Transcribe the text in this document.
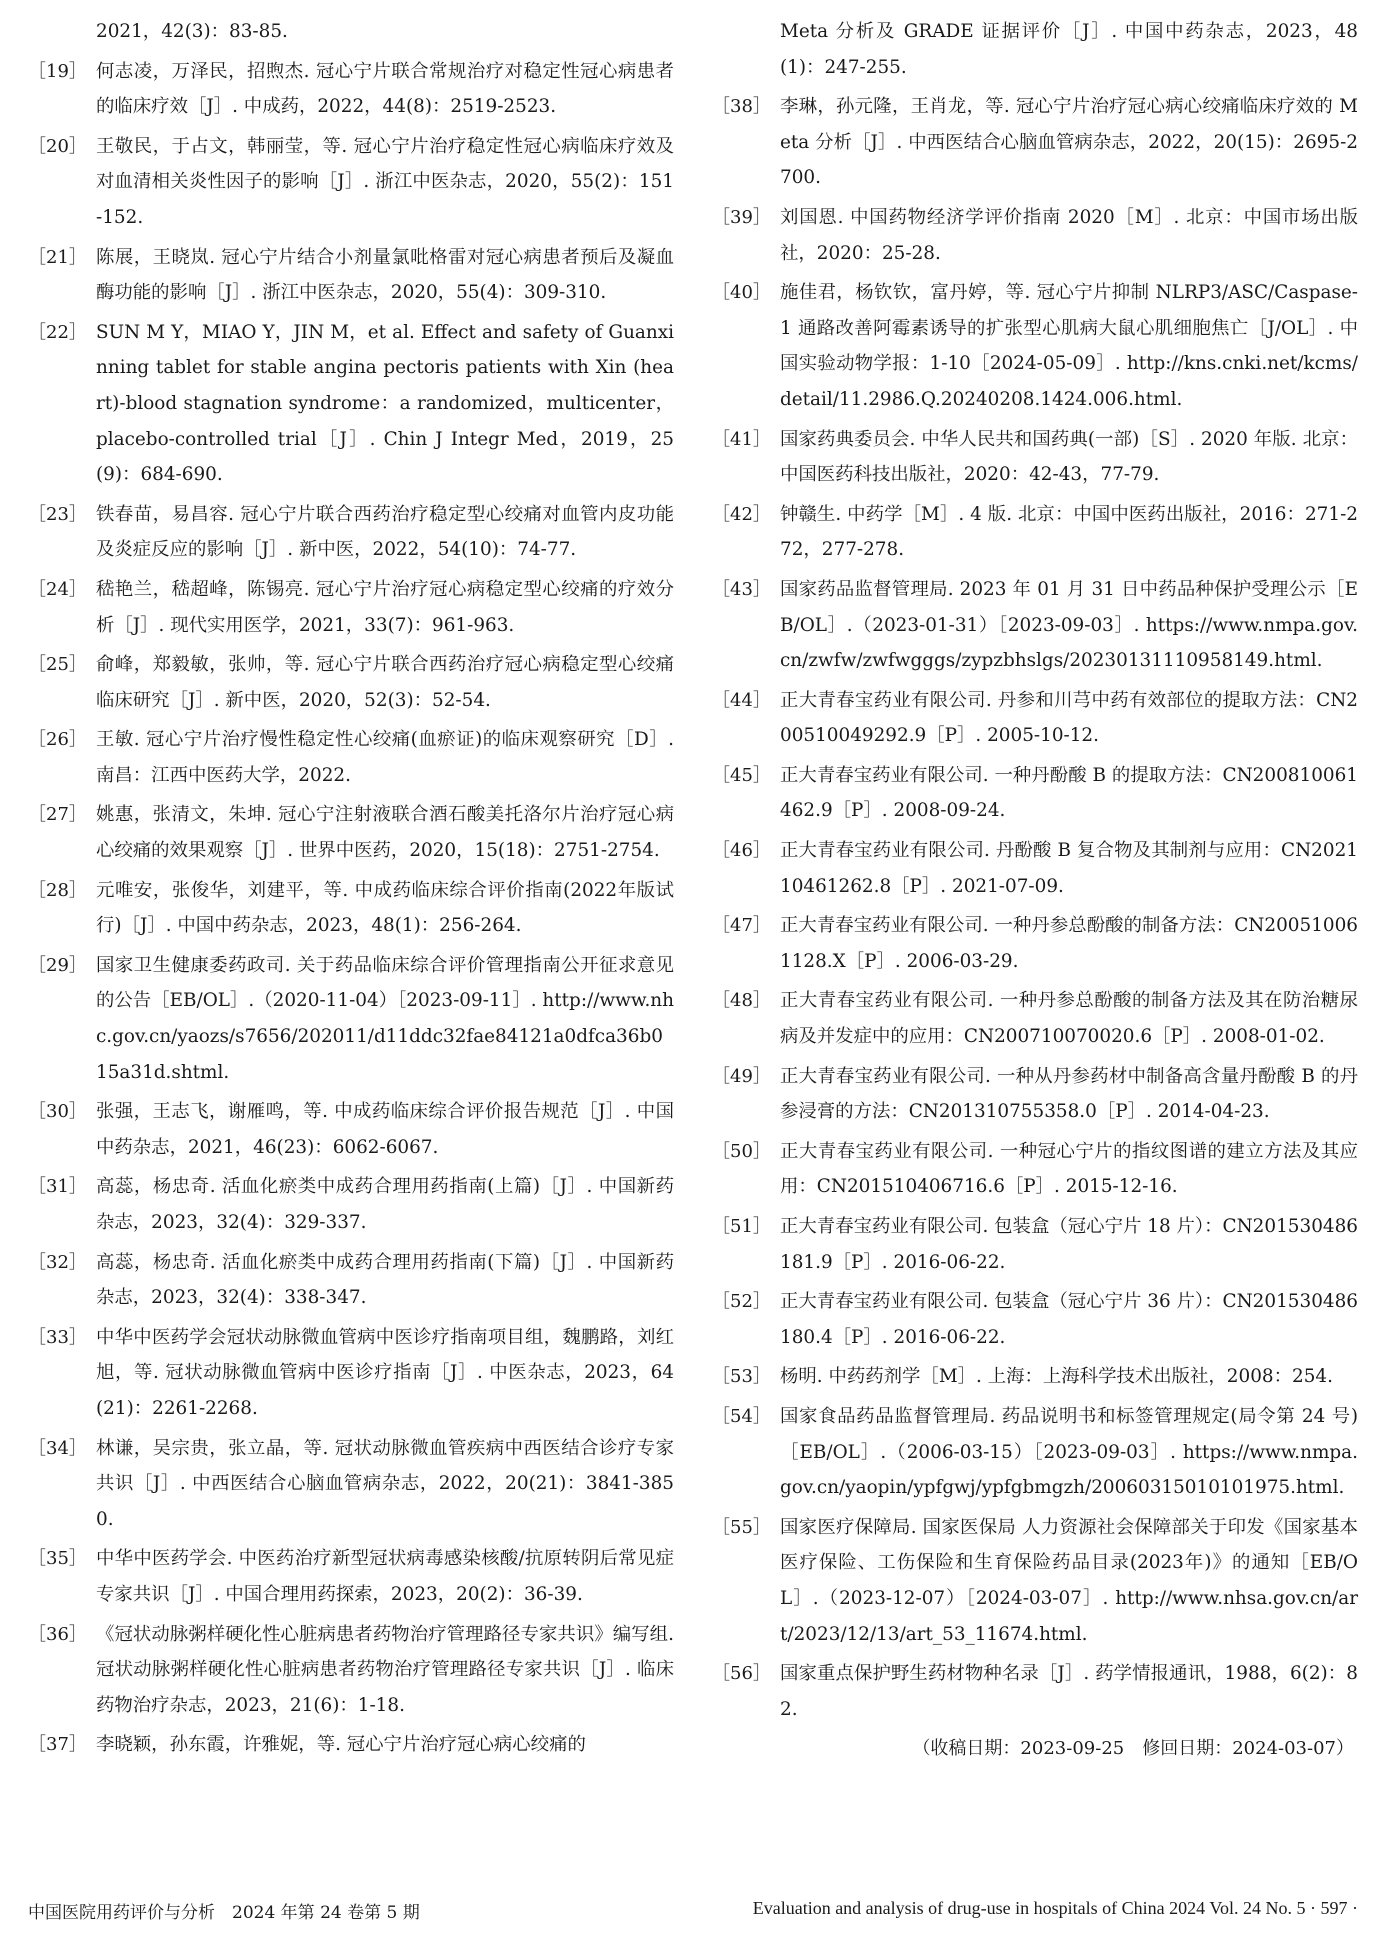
2021，42(3)：83-85.
［19］ 何志凌，万泽民，招煦杰. 冠心宁片联合常规治疗对稳定性冠心病患者的临床疗效［J］. 中成药，2022，44(8)：2519-2523.
［20］ 王敬民，于占文，韩丽莹，等. 冠心宁片治疗稳定性冠心病临床疗效及对血清相关炎性因子的影响［J］. 浙江中医杂志，2020，55(2)：151-152.
［21］ 陈展，王晓岚. 冠心宁片结合小剂量氯吡格雷对冠心病患者预后及凝血酶功能的影响［J］. 浙江中医杂志，2020，55(4)：309-310.
［22］ SUN M Y，MIAO Y，JIN M，et al. Effect and safety of Guanxinning tablet for stable angina pectoris patients with Xin (heart)-blood stagnation syndrome：a randomized，multicenter，placebo-controlled trial［J］. Chin J Integr Med，2019，25(9)：684-690.
［23］ 铁春苗，易昌容. 冠心宁片联合西药治疗稳定型心绞痛对血管内皮功能及炎症反应的影响［J］. 新中医，2022，54(10)：74-77.
［24］ 嵇艳兰，嵇超峰，陈锡亮. 冠心宁片治疗冠心病稳定型心绞痛的疗效分析［J］. 现代实用医学，2021，33(7)：961-963.
［25］ 俞峰，郑毅敏，张帅，等. 冠心宁片联合西药治疗冠心病稳定型心绞痛临床研究［J］. 新中医，2020，52(3)：52-54.
［26］ 王敏. 冠心宁片治疗慢性稳定性心绞痛(血瘀证)的临床观察研究［D］. 南昌：江西中医药大学，2022.
［27］ 姚惠，张清文，朱坤. 冠心宁注射液联合酒石酸美托洛尔片治疗冠心病心绞痛的效果观察［J］. 世界中医药，2020，15(18)：2751-2754.
［28］ 元唯安，张俊华，刘建平，等. 中成药临床综合评价指南(2022年版试行)［J］. 中国中药杂志，2023，48(1)：256-264.
［29］ 国家卫生健康委药政司. 关于药品临床综合评价管理指南公开征求意见的公告［EB/OL］.（2020-11-04）［2023-09-11］. http://www.nhc.gov.cn/yaozs/s7656/202011/d11ddc32fae84121a0dfca36b015a31d.shtml.
［30］ 张强，王志飞，谢雁鸣，等. 中成药临床综合评价报告规范［J］. 中国中药杂志，2021，46(23)：6062-6067.
［31］ 高蕊，杨忠奇. 活血化瘀类中成药合理用药指南(上篇)［J］. 中国新药杂志，2023，32(4)：329-337.
［32］ 高蕊，杨忠奇. 活血化瘀类中成药合理用药指南(下篇)［J］. 中国新药杂志，2023，32(4)：338-347.
［33］ 中华中医药学会冠状动脉微血管病中医诊疗指南项目组，魏鹏路，刘红旭，等. 冠状动脉微血管病中医诊疗指南［J］. 中医杂志，2023，64(21)：2261-2268.
［34］ 林谦，吴宗贵，张立晶，等. 冠状动脉微血管疾病中西医结合诊疗专家共识［J］. 中西医结合心脑血管病杂志，2022，20(21)：3841-3850.
［35］ 中华中医药学会. 中医药治疗新型冠状病毒感染核酸/抗原转阴后常见症专家共识［J］. 中国合理用药探索，2023，20(2)：36-39.
［36］ 《冠状动脉粥样硬化性心脏病患者药物治疗管理路径专家共识》编写组. 冠状动脉粥样硬化性心脏病患者药物治疗管理路径专家共识［J］. 临床药物治疗杂志，2023，21(6)：1-18.
［37］ 李晓颖，孙东霞，许雅妮，等. 冠心宁片治疗冠心病心绞痛的
Meta 分析及 GRADE 证据评价［J］. 中国中药杂志，2023，48(1)：247-255.
［38］ 李琳，孙元隆，王肖龙，等. 冠心宁片治疗冠心病心绞痛临床疗效的 Meta 分析［J］. 中西医结合心脑血管病杂志，2022，20(15)：2695-2700.
［39］ 刘国恩. 中国药物经济学评价指南 2020［M］. 北京：中国市场出版社，2020：25-28.
［40］ 施佳君，杨钦钦，富丹婷，等. 冠心宁片抑制 NLRP3/ASC/Caspase-1 通路改善阿霉素诱导的扩张型心肌病大鼠心肌细胞焦亡［J/OL］. 中国实验动物学报：1-10［2024-05-09］. http://kns.cnki.net/kcms/detail/11.2986.Q.20240208.1424.006.html.
［41］ 国家药典委员会. 中华人民共和国药典(一部)［S］. 2020 年版. 北京：中国医药科技出版社，2020：42-43，77-79.
［42］ 钟赣生. 中药学［M］. 4 版. 北京：中国中医药出版社，2016：271-272，277-278.
［43］ 国家药品监督管理局. 2023 年 01 月 31 日中药品种保护受理公示［EB/OL］.（2023-01-31）［2023-09-03］. https://www.nmpa.gov.cn/zwfw/zwfwgggs/zypzbhslgs/20230131110958149.html.
［44］ 正大青春宝药业有限公司. 丹参和川芎中药有效部位的提取方法：CN200510049292.9［P］. 2005-10-12.
［45］ 正大青春宝药业有限公司. 一种丹酚酸 B 的提取方法：CN200810061462.9［P］. 2008-09-24.
［46］ 正大青春宝药业有限公司. 丹酚酸 B 复合物及其制剂与应用：CN202110461262.8［P］. 2021-07-09.
［47］ 正大青春宝药业有限公司. 一种丹参总酚酸的制备方法：CN200510061128.X［P］. 2006-03-29.
［48］ 正大青春宝药业有限公司. 一种丹参总酚酸的制备方法及其在防治糖尿病及并发症中的应用：CN200710070020.6［P］. 2008-01-02.
［49］ 正大青春宝药业有限公司. 一种从丹参药材中制备高含量丹酚酸 B 的丹参浸膏的方法：CN201310755358.0［P］. 2014-04-23.
［50］ 正大青春宝药业有限公司. 一种冠心宁片的指纹图谱的建立方法及其应用：CN201510406716.6［P］. 2015-12-16.
［51］ 正大青春宝药业有限公司. 包装盒（冠心宁片 18 片）：CN201530486181.9［P］. 2016-06-22.
［52］ 正大青春宝药业有限公司. 包装盒（冠心宁片 36 片）：CN201530486180.4［P］. 2016-06-22.
［53］ 杨明. 中药药剂学［M］. 上海：上海科学技术出版社，2008：254.
［54］ 国家食品药品监督管理局. 药品说明书和标签管理规定(局令第 24 号)［EB/OL］.（2006-03-15）［2023-09-03］. https://www.nmpa.gov.cn/yaopin/ypfgwj/ypfgbmgzh/20060315010101975.html.
［55］ 国家医疗保障局. 国家医保局 人力资源社会保障部关于印发《国家基本医疗保险、工伤保险和生育保险药品目录(2023年)》的通知［EB/OL］.（2023-12-07）［2024-03-07］. http://www.nhsa.gov.cn/art/2023/12/13/art_53_11674.html.
［56］ 国家重点保护野生药材物种名录［J］. 药学情报通讯，1988，6(2)：82.
（收稿日期：2023-09-25　修回日期：2024-03-07）
中国医院用药评价与分析　2024 年第 24 卷第 5 期	Evaluation and analysis of drug-use in hospitals of China 2024 Vol. 24 No. 5 · 597 ·
